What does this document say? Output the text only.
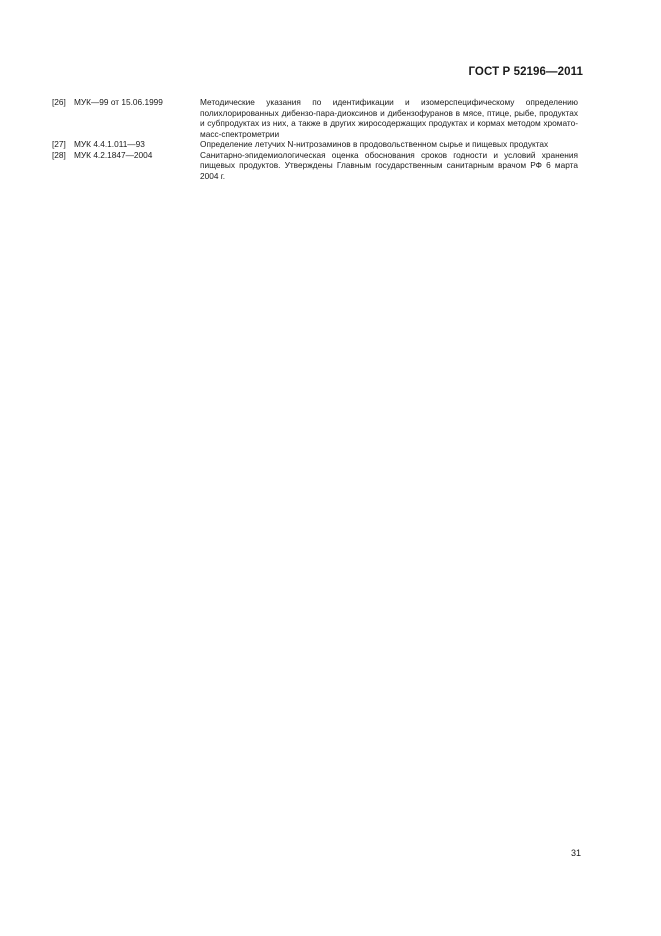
ГОСТ Р 52196—2011
[26] МУК—99 от 15.06.1999	Методические указания по идентификации и изомерспецифическому определению полихлорированных дибензо-пара-диоксинов и дибензофуранов в мясе, птице, рыбе, продуктах и субпродуктах из них, а также в других жиросодержащих продуктах и кормах методом хромато-масс-спектрометрии
[27] МУК 4.4.1.011—93	Определение летучих N-нитрозаминов в продовольственном сырье и пищевых продуктах
[28] МУК 4.2.1847—2004	Санитарно-эпидемиологическая оценка обоснования сроков годности и условий хранения пищевых продуктов. Утверждены Главным государственным санитарным врачом РФ 6 марта 2004 г.
31
